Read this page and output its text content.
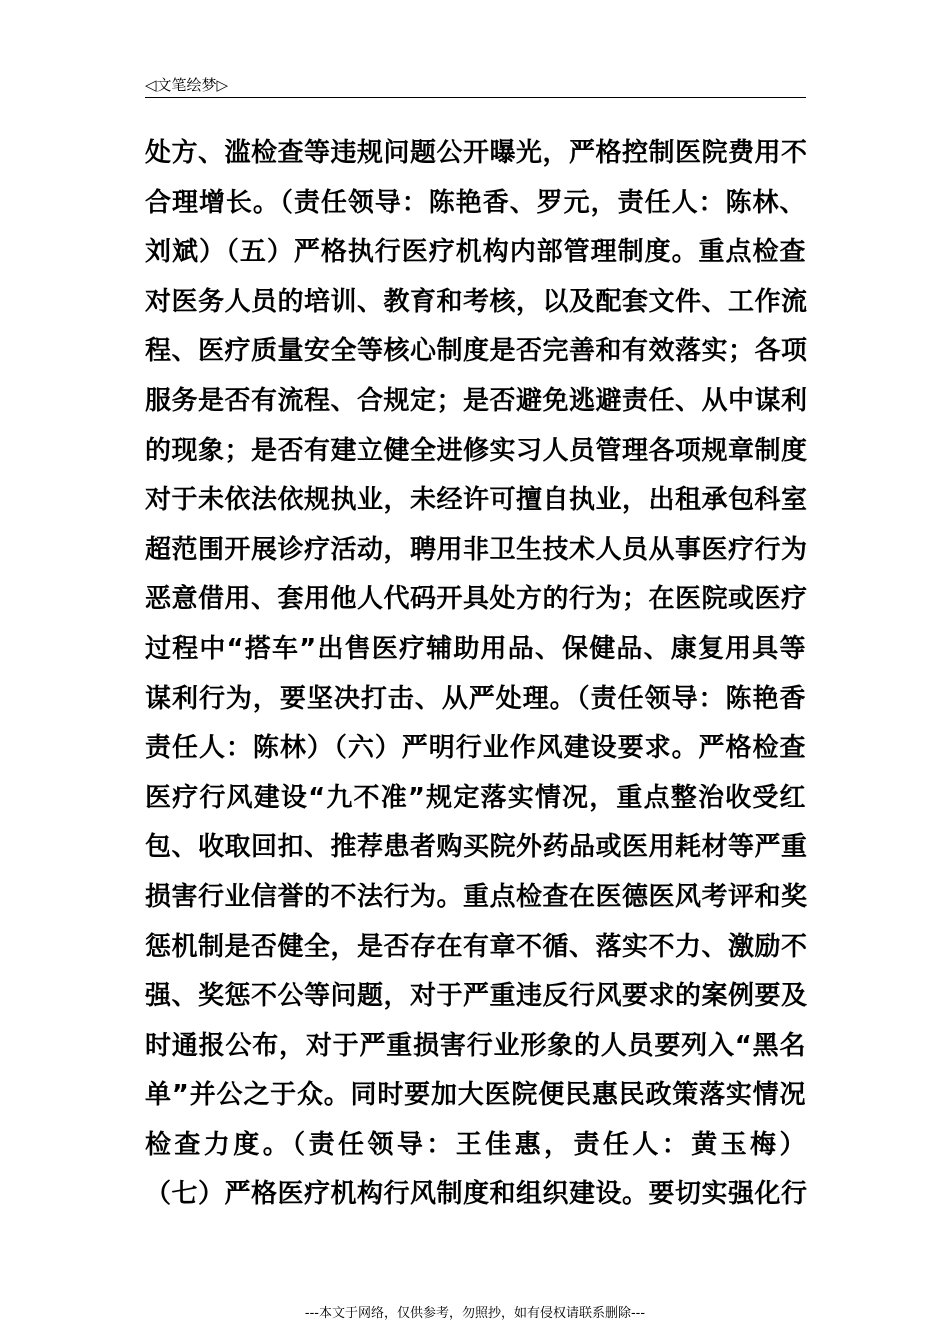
◁文笔绘梦▷
处方、滥检查等违规问题公开曝光，严格控制医院费用不
合理增长。（责任领导：陈艳香、罗元，责任人：陈林、
刘斌）（五）严格执行医疗机构内部管理制度。重点检查
对医务人员的培训、教育和考核，以及配套文件、工作流
程、医疗质量安全等核心制度是否完善和有效落实；各项
服务是否有流程、合规定；是否避免逃避责任、从中谋利
的现象；是否有建立健全进修实习人员管理各项规章制度
对于未依法依规执业，未经许可擅自执业，出租承包科室
超范围开展诊疗活动，聘用非卫生技术人员从事医疗行为
恶意借用、套用他人代码开具处方的行为；在医院或医疗
过程中“搭车”出售医疗辅助用品、保健品、康复用具等
谋利行为，要坚决打击、从严处理。（责任领导：陈艳香
责任人：陈林）（六）严明行业作风建设要求。严格检查
医疗行风建设“九不准”规定落实情况，重点整治收受红
包、收取回扣、推荐患者购买院外药品或医用耗材等严重
损害行业信誉的不法行为。重点检查在医德医风考评和奖
惩机制是否健全，是否存在有章不循、落实不力、激励不
强、奖惩不公等问题，对于严重违反行风要求的案例要及
时通报公布，对于严重损害行业形象的人员要列入“黑名
单”并公之于众。同时要加大医院便民惠民政策落实情况
检查力度。（责任领导：王佳惠，责任人：黄玉梅）
（七）严格医疗机构行风制度和组织建设。要切实强化行
---本文于网络，仅供参考，勿照抄，如有侵权请联系删除---
